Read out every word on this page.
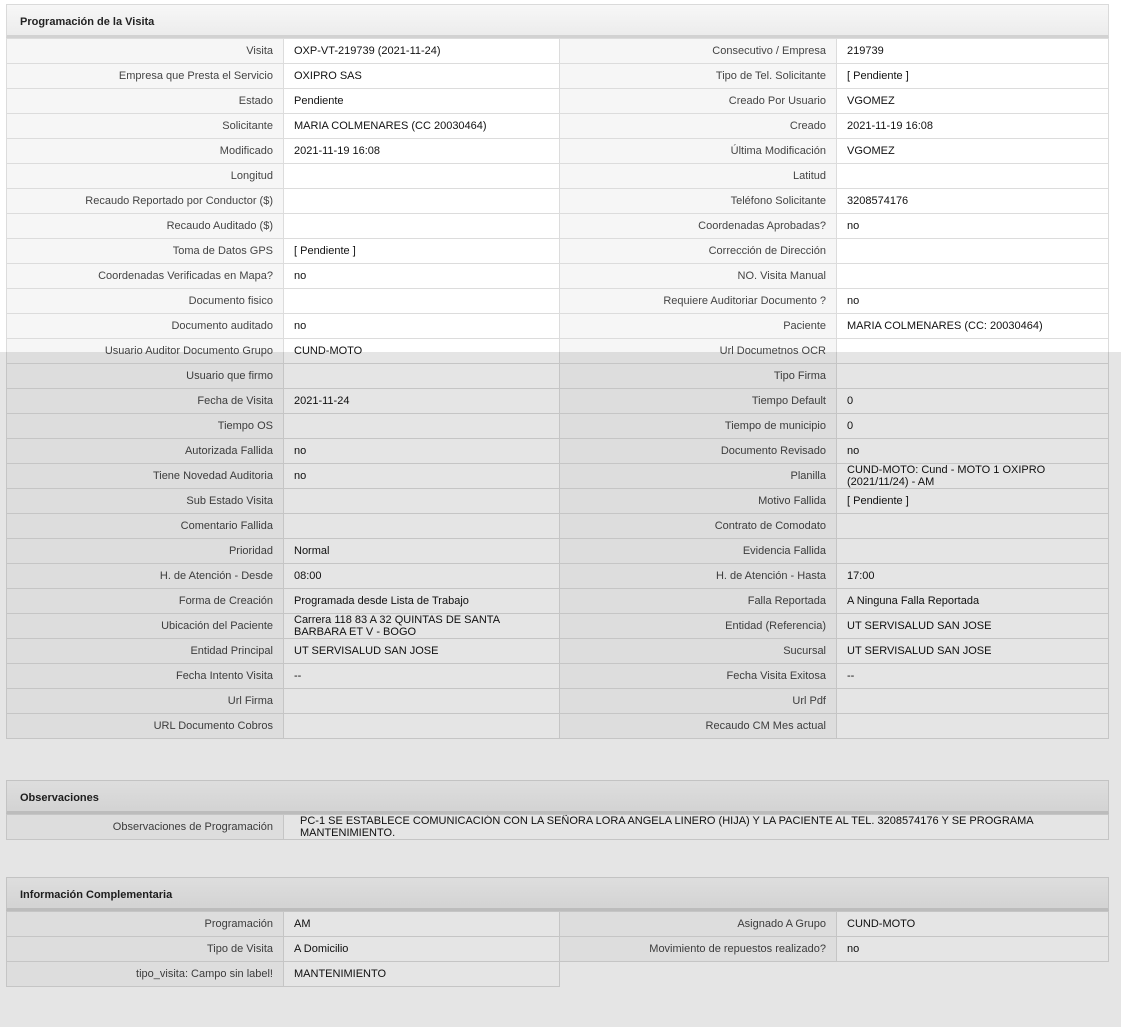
Programación de la Visita
Visita	OXP-VT-219739 (2021-11-24)	Consecutivo / Empresa	219739
Empresa que Presta el Servicio	OXIPRO SAS	Tipo de Tel. Solicitante	[ Pendiente ]
Estado	Pendiente	Creado Por Usuario	VGOMEZ
Solicitante	MARIA COLMENARES (CC 20030464)	Creado	2021-11-19 16:08
Modificado	2021-11-19 16:08	Última Modificación	VGOMEZ
Longitud		Latitud	
Recaudo Reportado por Conductor ($)		Teléfono Solicitante	3208574176
Recaudo Auditado ($)		Coordenadas Aprobadas?	no
Toma de Datos GPS	[ Pendiente ]	Corrección de Dirección	
Coordenadas Verificadas en Mapa?	no	NO. Visita Manual	
Documento fisico		Requiere Auditoriar Documento ?	no
Documento auditado	no	Paciente	MARIA COLMENARES (CC: 20030464)
Usuario Auditor Documento Grupo	CUND-MOTO	Url Documetnos OCR	
Usuario que firmo		Tipo Firma	
Fecha de Visita	2021-11-24	Tiempo Default	0
Tiempo OS		Tiempo de municipio	0
Autorizada Fallida	no	Documento Revisado	no
Tiene Novedad Auditoria	no	Planilla	CUND-MOTO: Cund - MOTO 1 OXIPRO (2021/11/24) - AM
Sub Estado Visita		Motivo Fallida	[ Pendiente ]
Comentario Fallida		Contrato de Comodato	
Prioridad	Normal	Evidencia Fallida	
H. de Atención - Desde	08:00	H. de Atención - Hasta	17:00
Forma de Creación	Programada desde Lista de Trabajo	Falla Reportada	A Ninguna Falla Reportada
Ubicación del Paciente	Carrera 118 83 A 32 QUINTAS DE SANTA BARBARA ET V - BOGO	Entidad (Referencia)	UT SERVISALUD SAN JOSE
Entidad Principal	UT SERVISALUD SAN JOSE	Sucursal	UT SERVISALUD SAN JOSE
Fecha Intento Visita	--	Fecha Visita Exitosa	--
Url Firma		Url Pdf	
URL Documento Cobros		Recaudo CM Mes actual	
Observaciones
Observaciones de Programación	PC-1 SE ESTABLECE COMUNICACIÓN CON LA SEÑORA LORA ANGELA LINERO (HIJA) Y LA PACIENTE AL TEL. 3208574176 Y SE PROGRAMA MANTENIMIENTO.
Información Complementaria
Programación	AM	Asignado A Grupo	CUND-MOTO
Tipo de Visita	A Domicilio	Movimiento de repuestos realizado?	no
tipo_visita: Campo sin label!	MANTENIMIENTO		
